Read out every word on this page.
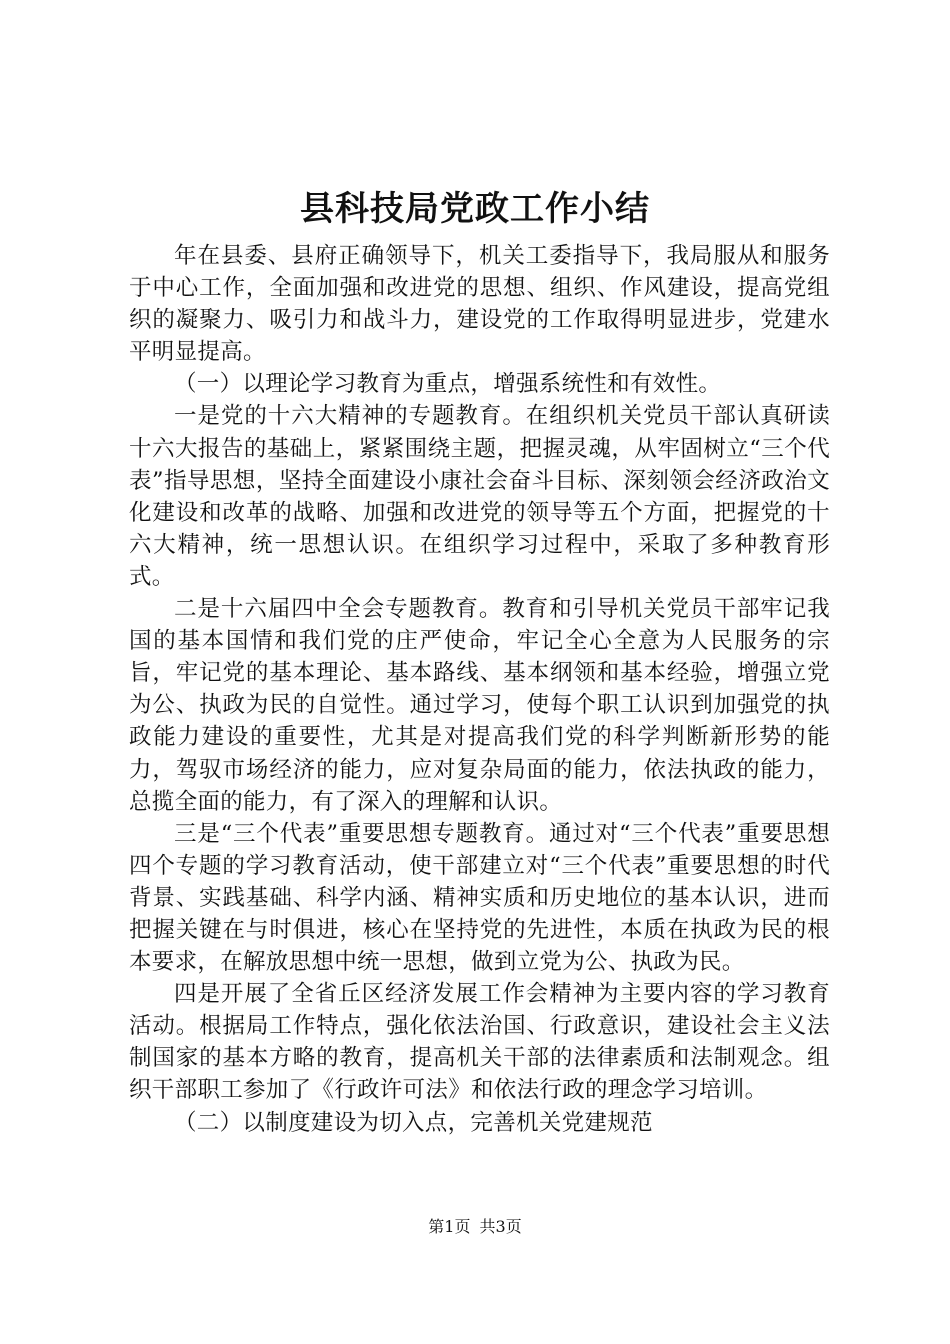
县科技局党政工作小结

年在县委、县府正确领导下，机关工委指导下，我局服从和服务于中心工作，全面加强和改进党的思想、组织、作风建设，提高党组织的凝聚力、吸引力和战斗力，建设党的工作取得明显进步，党建水平明显提高。

（一）以理论学习教育为重点，增强系统性和有效性。

一是党的十六大精神的专题教育。在组织机关党员干部认真研读十六大报告的基础上，紧紧围绕主题，把握灵魂，从牢固树立“三个代表”指导思想，坚持全面建设小康社会奋斗目标、深刻领会经济政治文化建设和改革的战略、加强和改进党的领导等五个方面，把握党的十六大精神，统一思想认识。在组织学习过程中，采取了多种教育形式。

二是十六届四中全会专题教育。教育和引导机关党员干部牢记我国的基本国情和我们党的庄严使命，牢记全心全意为人民服务的宗旨，牢记党的基本理论、基本路线、基本纲领和基本经验，增强立党为公、执政为民的自觉性。通过学习，使每个职工认识到加强党的执政能力建设的重要性，尤其是对提高我们党的科学判断新形势的能力，驾驭市场经济的能力，应对复杂局面的能力，依法执政的能力，总揽全面的能力，有了深入的理解和认识。

三是“三个代表”重要思想专题教育。通过对“三个代表”重要思想四个专题的学习教育活动，使干部建立对“三个代表”重要思想的时代背景、实践基础、科学内涵、精神实质和历史地位的基本认识，进而把握关键在与时俱进，核心在坚持党的先进性，本质在执政为民的根本要求，在解放思想中统一思想，做到立党为公、执政为民。

四是开展了全省丘区经济发展工作会精神为主要内容的学习教育活动。根据局工作特点，强化依法治国、行政意识，建设社会主义法制国家的基本方略的教育，提高机关干部的法律素质和法制观念。组织干部职工参加了《行政许可法》和依法行政的理念学习培训。

（二）以制度建设为切入点，完善机关党建规范

第1页 共3页
